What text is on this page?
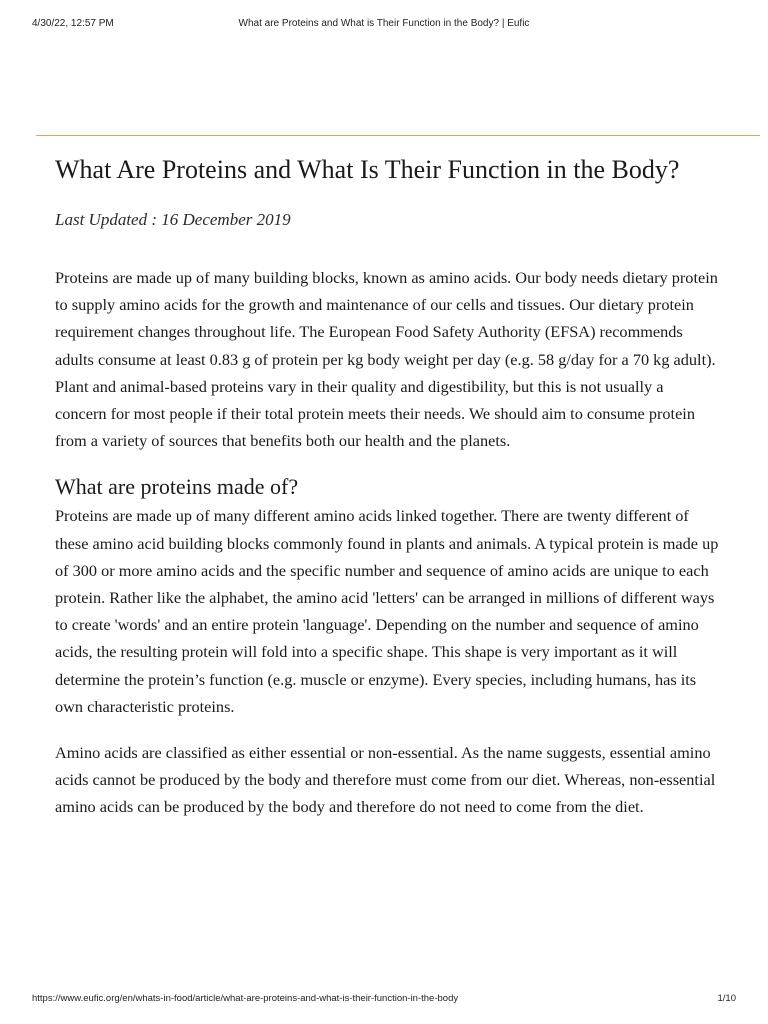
4/30/22, 12:57 PM	What are Proteins and What is Their Function in the Body? | Eufic
What Are Proteins and What Is Their Function in the Body?

Last Updated : 16 December 2019

Proteins are made up of many building blocks, known as amino acids. Our body needs dietary protein to supply amino acids for the growth and maintenance of our cells and tissues. Our dietary protein requirement changes throughout life. The European Food Safety Authority (EFSA) recommends adults consume at least 0.83 g of protein per kg body weight per day (e.g. 58 g/day for a 70 kg adult). Plant and animal-based proteins vary in their quality and digestibility, but this is not usually a concern for most people if their total protein meets their needs. We should aim to consume protein from a variety of sources that benefits both our health and the planets.

What are proteins made of?

Proteins are made up of many different amino acids linked together. There are twenty different of these amino acid building blocks commonly found in plants and animals. A typical protein is made up of 300 or more amino acids and the specific number and sequence of amino acids are unique to each protein. Rather like the alphabet, the amino acid 'letters' can be arranged in millions of different ways to create 'words' and an entire protein 'language'. Depending on the number and sequence of amino acids, the resulting protein will fold into a specific shape. This shape is very important as it will determine the protein’s function (e.g. muscle or enzyme). Every species, including humans, has its own characteristic proteins.

Amino acids are classified as either essential or non-essential. As the name suggests, essential amino acids cannot be produced by the body and therefore must come from our diet. Whereas, non-essential amino acids can be produced by the body and therefore do not need to come from the diet.

https://www.eufic.org/en/whats-in-food/article/what-are-proteins-and-what-is-their-function-in-the-body	1/10
